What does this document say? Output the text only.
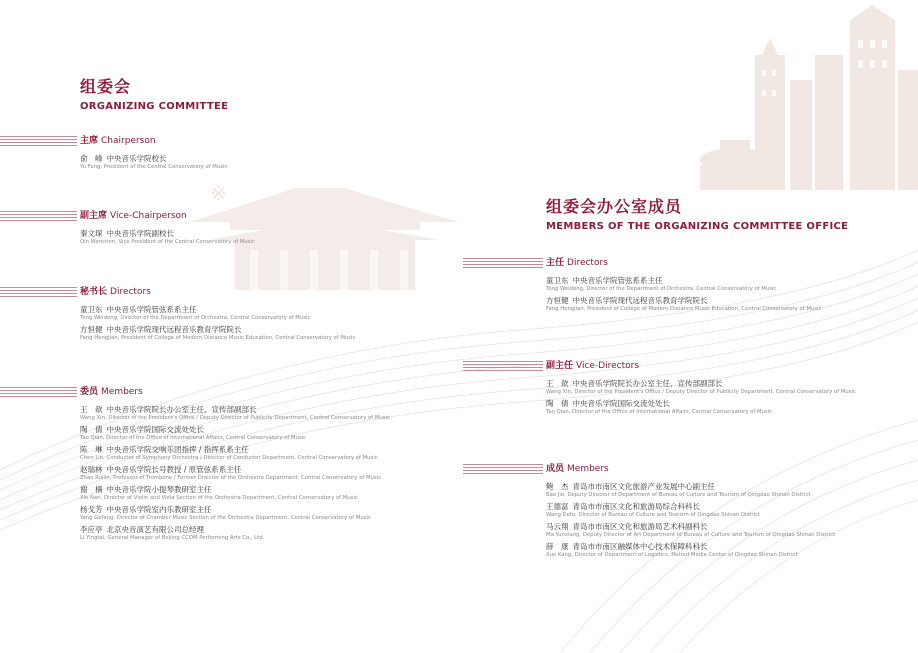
※
组委会
ORGANIZING COMMITTEE
主席 Chairperson
俞　峰 中央音乐学院校长
Yu Feng, President of the Central Conservatory of Music
副主席 Vice-Chairperson
秦文琛 中央音乐学院副校长
Qin Wenchen, Vice President of the Central Conservatory of Music
秘书长 Directors
童卫东 中央音乐学院管弦系系主任
Tong Weidong, Director of the Department of Orchestra, Central Conservatory of Music
方恒健 中央音乐学院现代远程音乐教育学院院长
Fang Hengjian, President of College of Modern Distance Music Education, Central Conservatory of Music
委员 Members
王　歆 中央音乐学院院长办公室主任、宣传部副部长
Wang Xin, Director of the President's Office / Deputy Director of Publicity Department, Central Conservatory of Music
陶　倩 中央音乐学院国际交流处处长
Tao Qian, Director of the Office of International Affairs, Central Conservatory of Music
陈　琳 中央音乐学院交响乐团指挥 / 指挥系系主任
Chen Lin, Conductor of Symphony Orchestra / Director of Conductor Department, Central Conservatory of Music
赵瑞林 中央音乐学院长号教授 / 原管弦系系主任
Zhao Ruilin, Professor of Trombone / Former Director of the Orchestra Department, Central Conservatory of Music
谢　楠 中央音乐学院小提琴教研室主任
Xie Nan, Director of Violin and Viola Section of the Orchestra Department, Central Conservatory of Music
杨戈芳 中央音乐学院室内乐教研室主任
Yang Gefang, Director of Chamber Music Section of the Orchestra Department, Central Conservatory of Music
李应亭 北京央音演艺有限公司总经理
Li Yingtai, General Manager of Beijing CCOM Performing Arts Co., Ltd.
组委会办公室成员
MEMBERS OF THE ORGANIZING COMMITTEE OFFICE
主任 Directors
童卫东 中央音乐学院管弦系系主任
Tong Weidong, Director of the Department of Orchestra, Central Conservatory of Music
方恒健 中央音乐学院现代远程音乐教育学院院长
Fang Hengjian, President of College of Modern Distance Music Education, Central Conservatory of Music
副主任 Vice-Directors
王　歆 中央音乐学院院长办公室主任、宣传部副部长
Wang Xin, Director of the President's Office / Deputy Director of Publicity Department, Central Conservatory of Music
陶　倩 中央音乐学院国际交流处处长
Tao Qian, Director of the Office of International Affairs, Central Conservatory of Music
成员 Members
鲍　杰 青岛市市南区文化旅游产业发展中心副主任
Bao Jie, Deputy Director of Department of Bureau of Culture and Tourism of Qingdao Shinan District
王德富 青岛市市南区文化和旅游局综合科科长
Wang Defu, Director of Bureau of Culture and Tourism of Qingdao Shinan District
马云翔 青岛市市南区文化和旅游局艺术科副科长
Ma Yunxiang, Deputy Director of Art Department of Bureau of Culture and Tourism of Qingdao Shinan District
薛　康 青岛市市南区融媒体中心技术保障科科长
Xue Kang, Director of Department of Logistics, Melted Media Center of Qingdao Shinan District
